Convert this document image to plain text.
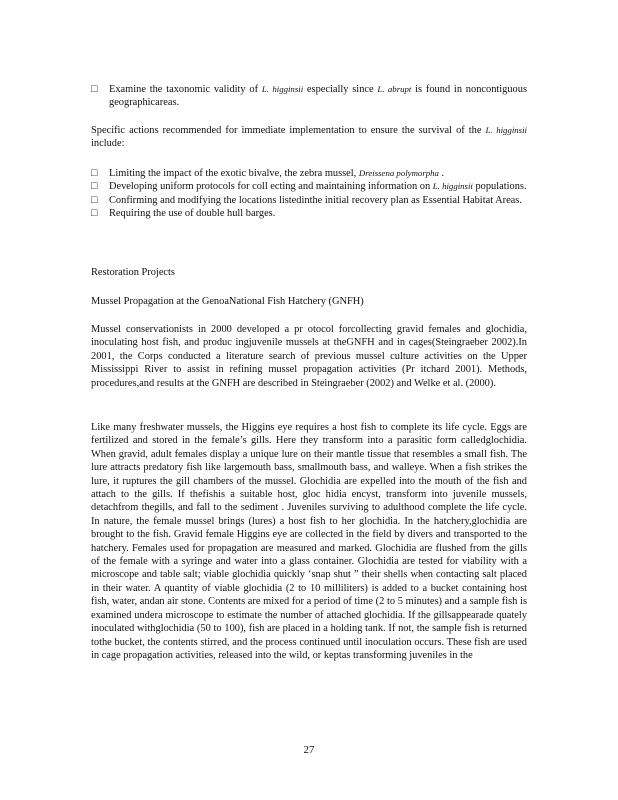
□	Examine the taxonomic validity of L. higginsii especially since L. abrupt is found in noncontiguous geographicareas.

Specific actions recommended for immediate implementation to ensure the survival of the L. higginsii include:

□	Limiting the impact of the exotic bivalve, the zebra mussel, Dreissena polymorpha .
□	Developing uniform protocols for coll ecting and maintaining information on L. higginsii populations.
□	Confirming and modifying the locations listedinthe initial recovery plan as Essential Habitat Areas.
□	Requiring the use of double hull barges.
Restoration Projects
Mussel Propagation at the GenoaNational Fish Hatchery (GNFH)

Mussel conservationists in 2000 developed a pr otocol forcollecting gravid females and glochidia, inoculating host fish, and produc ingjuvenile mussels at theGNFH and in cages(Steingraeber 2002).In 2001, the Corps conducted a literature search of previous mussel culture activities on the Upper Mississippi River to assist in refining mussel propagation activities (Pr itchard 2001). Methods, procedures,and results at the GNFH are described in Steingraeber (2002) and Welke et al. (2000).

Like many freshwater mussels, the Higgins eye requires a host fish to complete its life cycle. Eggs are fertilized and stored in the female’s gills. Here they transform into a parasitic form calledglochidia. When gravid, adult females display a unique lure on their mantle tissue that resembles a small fish. The lure attracts predatory fish like largemouth bass, smallmouth bass, and walleye. When a fish strikes the lure, it ruptures the gill chambers of the mussel. Glochidia are expelled into the mouth of the fish and attach to the gills. If thefishis a suitable host, gloc hidia encyst, transform into juvenile mussels, detachfrom thegills, and fall to the sediment . Juveniles surviving to adulthood complete the life cycle. In nature, the female mussel brings (lures) a host fish to her glochidia. In the hatchery,glochidia are brought to the fish. Gravid female Higgins eye are collected in the field by divers and transported to the hatchery. Females used for propagation are measured and marked. Glochidia are flushed from the gills of the female with a syringe and water into a glass container. Glochidia are tested for viability with a microscope and table salt; viable glochidia quickly ‘snap shut ” their shells when contacting salt placed in their water. A quantity of viable glochidia (2 to 10 milliliters) is added to a bucket containing host fish, water, andan air stone. Contents are mixed for a period of time (2 to 5 minutes) and a sample fish is examined undera microscope to estimate the number of attached glochidia. If the gillsappearade quately inoculated withglochidia (50 to 100), fish are placed in a holding tank. If not, the sample fish is returned tothe bucket, the contents stirred, and the process continued until inoculation occurs. These fish are used in cage propagation activities, released into the wild, or keptas transforming juveniles in the

27
